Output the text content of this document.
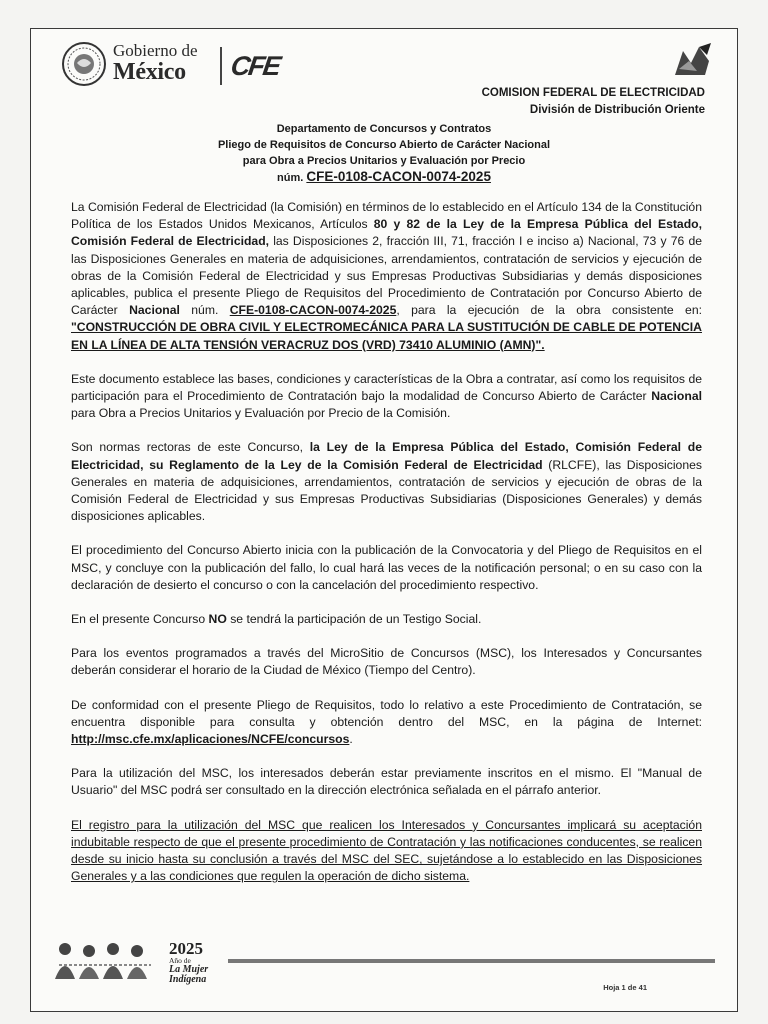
Gobierno de
México	CFE
COMISION FEDERAL DE ELECTRICIDAD
División de Distribución Oriente
Departamento de Concursos y Contratos
Pliego de Requisitos de Concurso Abierto de Carácter Nacional
para Obra a Precios Unitarios y Evaluación por Precio
núm. CFE-0108-CACON-0074-2025

La Comisión Federal de Electricidad (la Comisión) en términos de lo establecido en el Artículo 134 de la Constitución Política de los Estados Unidos Mexicanos, Artículos 80 y 82 de la Ley de la Empresa Pública del Estado, Comisión Federal de Electricidad, las Disposiciones 2, fracción III, 71, fracción I e inciso a) Nacional, 73 y 76 de las Disposiciones Generales en materia de adquisiciones, arrendamientos, contratación de servicios y ejecución de obras de la Comisión Federal de Electricidad y sus Empresas Productivas Subsidiarias y demás disposiciones aplicables, publica el presente Pliego de Requisitos del Procedimiento de Contratación por Concurso Abierto de Carácter Nacional núm. CFE-0108-CACON-0074-2025, para la ejecución de la obra consistente en: "CONSTRUCCIÓN DE OBRA CIVIL Y ELECTROMECÁNICA PARA LA SUSTITUCIÓN DE CABLE DE POTENCIA EN LA LÍNEA DE ALTA TENSIÓN VERACRUZ DOS (VRD) 73410 ALUMINIO (AMN)".

Este documento establece las bases, condiciones y características de la Obra a contratar, así como los requisitos de participación para el Procedimiento de Contratación bajo la modalidad de Concurso Abierto de Carácter Nacional para Obra a Precios Unitarios y Evaluación por Precio de la Comisión.

Son normas rectoras de este Concurso, la Ley de la Empresa Pública del Estado, Comisión Federal de Electricidad, su Reglamento de la Ley de la Comisión Federal de Electricidad (RLCFE), las Disposiciones Generales en materia de adquisiciones, arrendamientos, contratación de servicios y ejecución de obras de la Comisión Federal de Electricidad y sus Empresas Productivas Subsidiarias (Disposiciones Generales) y demás disposiciones aplicables.

El procedimiento del Concurso Abierto inicia con la publicación de la Convocatoria y del Pliego de Requisitos en el MSC, y concluye con la publicación del fallo, lo cual hará las veces de la notificación personal; o en su caso con la declaración de desierto el concurso o con la cancelación del procedimiento respectivo.

En el presente Concurso NO se tendrá la participación de un Testigo Social.

Para los eventos programados a través del MicroSitio de Concursos (MSC), los Interesados y Concursantes deberán considerar el horario de la Ciudad de México (Tiempo del Centro).

De conformidad con el presente Pliego de Requisitos, todo lo relativo a este Procedimiento de Contratación, se encuentra disponible para consulta y obtención dentro del MSC, en la página de Internet: http://msc.cfe.mx/aplicaciones/NCFE/concursos.

Para la utilización del MSC, los interesados deberán estar previamente inscritos en el mismo. El "Manual de Usuario" del MSC podrá ser consultado en la dirección electrónica señalada en el párrafo anterior.

El registro para la utilización del MSC que realicen los Interesados y Concursantes implicará su aceptación indubitable respecto de que el presente procedimiento de Contratación y las notificaciones conducentes, se realicen desde su inicio hasta su conclusión a través del MSC del SEC, sujetándose a lo establecido en las Disposiciones Generales y a las condiciones que regulen la operación de dicho sistema.

2025
Año de
La Mujer
Indígena
Hoja 1 de 41
